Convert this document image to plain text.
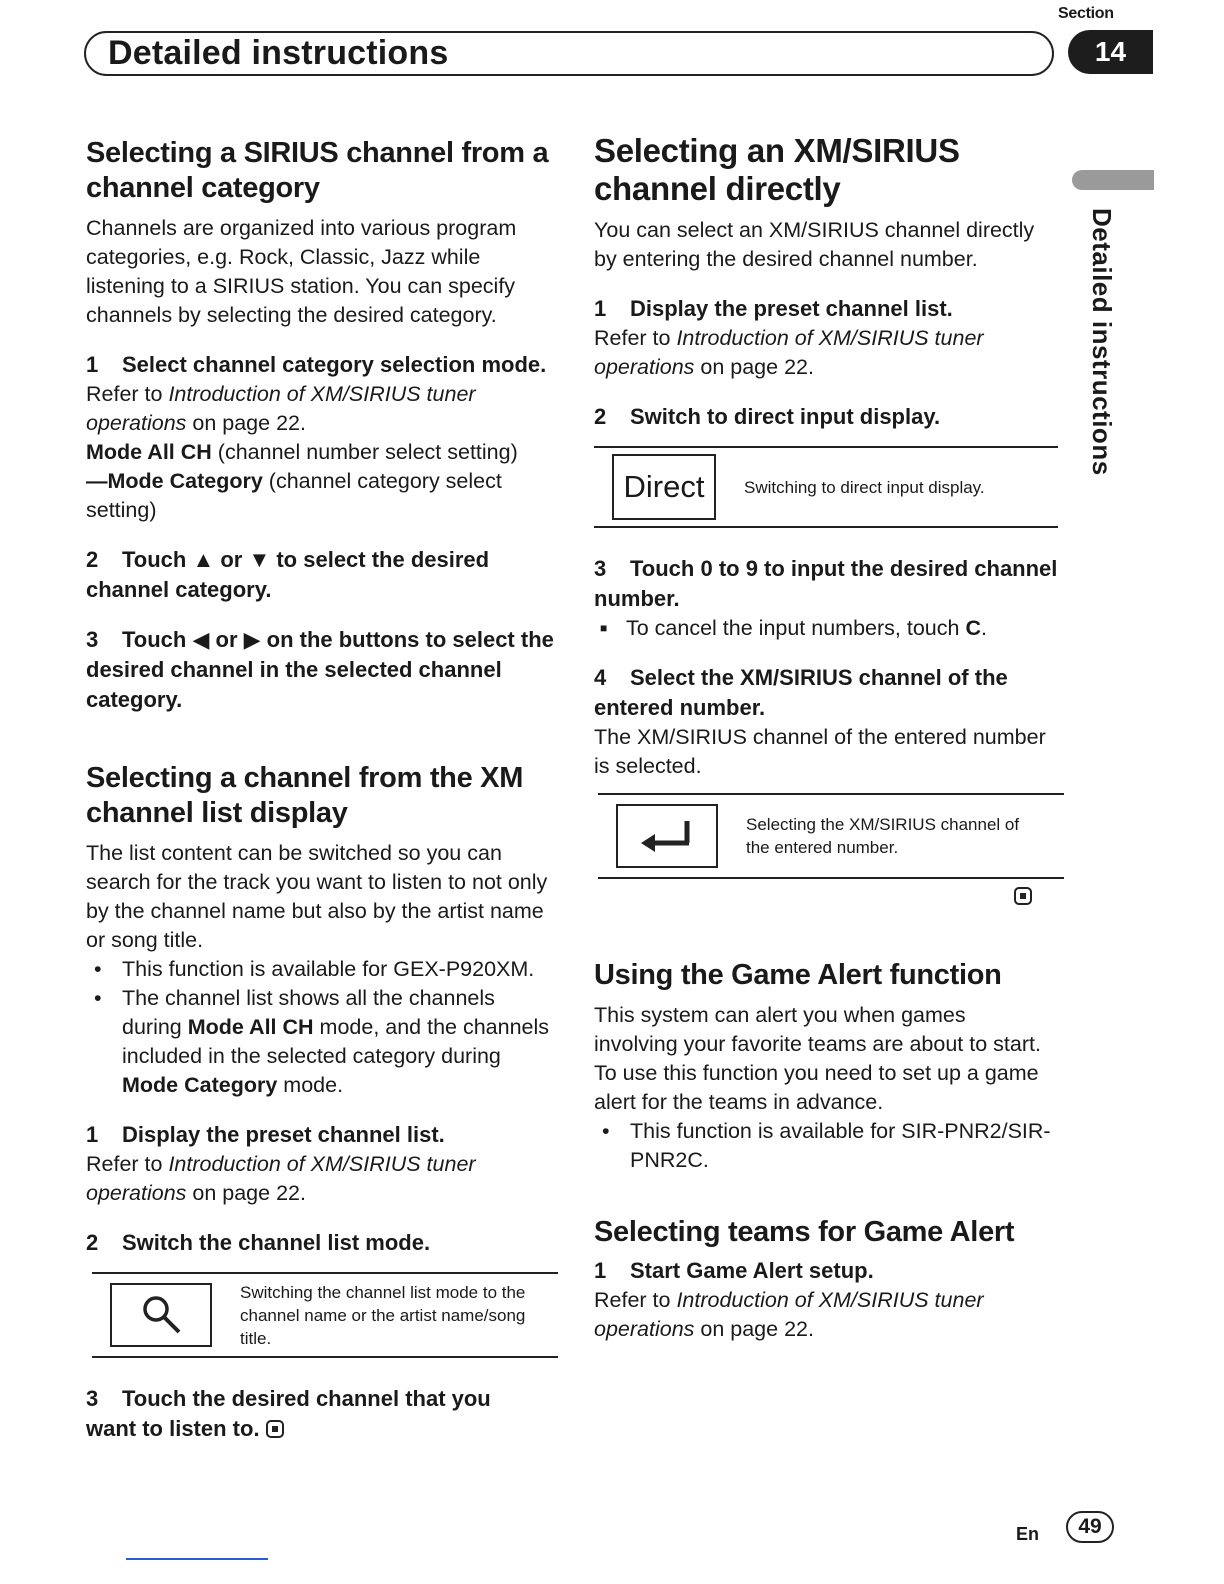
Section
Detailed instructions	14
Detailed instructions
Selecting a SIRIUS channel from a channel category

Channels are organized into various program categories, e.g. Rock, Classic, Jazz while listening to a SIRIUS station. You can specify channels by selecting the desired category.

1 Select channel category selection mode.

Refer to Introduction of XM/SIRIUS tuner operations on page 22.

Mode All CH (channel number select setting)

—Mode Category (channel category select setting)

2 Touch ▲ or ▼ to select the desired channel category.
3 Touch ◀ or ▶ on the buttons to select the desired channel in the selected channel category.
Selecting a channel from the XM channel list display

The list content can be switched so you can search for the track you want to listen to not only by the channel name but also by the artist name or song title.

• This function is available for GEX-P920XM.
• The channel list shows all the channels during Mode All CH mode, and the channels included in the selected category during Mode Category mode.
1 Display the preset channel list.

Refer to Introduction of XM/SIRIUS tuner operations on page 22.

2 Switch the channel list mode.
Switching the channel list mode to the channel name or the artist name/song title.
3 Touch the desired channel that you want to listen to.
Selecting an XM/SIRIUS channel directly

You can select an XM/SIRIUS channel directly by entering the desired channel number.

1 Display the preset channel list.

Refer to Introduction of XM/SIRIUS tuner operations on page 22.

2 Switch to direct input display.
Direct	Switching to direct input display.
3 Touch 0 to 9 to input the desired channel number.

■ To cancel the input numbers, touch C.

4 Select the XM/SIRIUS channel of the entered number.

The XM/SIRIUS channel of the entered number is selected.

Selecting the XM/SIRIUS channel of the entered number.
Using the Game Alert function

This system can alert you when games involving your favorite teams are about to start. To use this function you need to set up a game alert for the teams in advance.

• This function is available for SIR-PNR2/SIR-PNR2C.
Selecting teams for Game Alert
1 Start Game Alert setup.

Refer to Introduction of XM/SIRIUS tuner operations on page 22.

En	49
